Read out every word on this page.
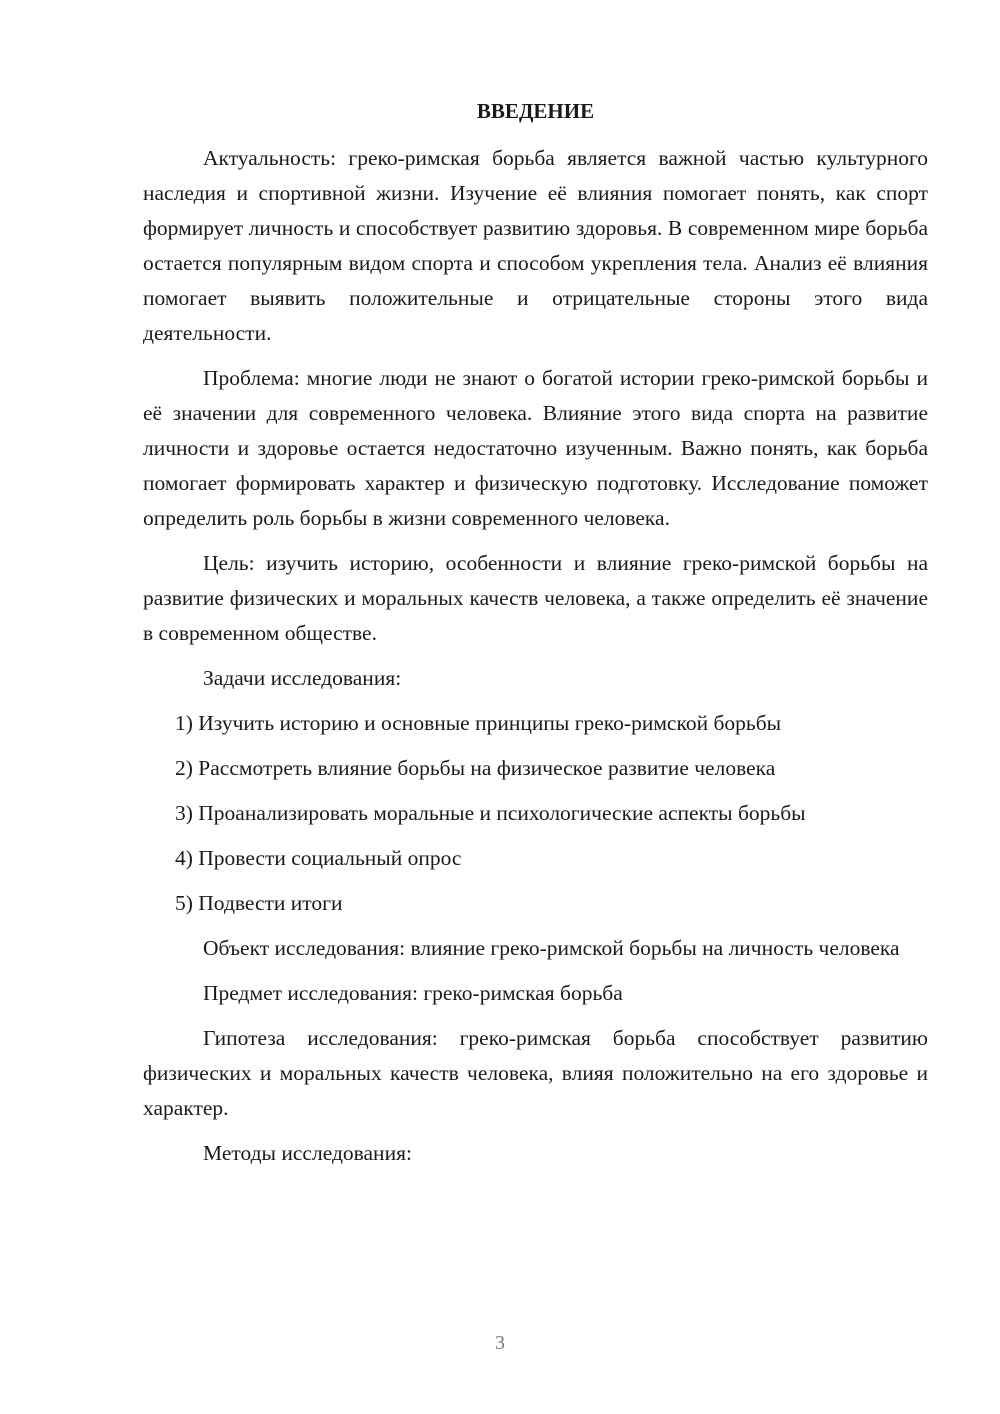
ВВЕДЕНИЕ

Актуальность: греко-римская борьба является важной частью культурного наследия и спортивной жизни. Изучение её влияния помогает понять, как спорт формирует личность и способствует развитию здоровья. В современном мире борьба остается популярным видом спорта и способом укрепления тела. Анализ её влияния помогает выявить положительные и отрицательные стороны этого вида деятельности.

Проблема: многие люди не знают о богатой истории греко-римской борьбы и её значении для современного человека. Влияние этого вида спорта на развитие личности и здоровье остается недостаточно изученным. Важно понять, как борьба помогает формировать характер и физическую подготовку. Исследование поможет определить роль борьбы в жизни современного человека.

Цель: изучить историю, особенности и влияние греко-римской борьбы на развитие физических и моральных качеств человека, а также определить её значение в современном обществе.

Задачи исследования:

1) Изучить историю и основные принципы греко-римской борьбы
2) Рассмотреть влияние борьбы на физическое развитие человека
3) Проанализировать моральные и психологические аспекты борьбы
4) Провести социальный опрос
5) Подвести итоги

Объект исследования: влияние греко-римской борьбы на личность человека

Предмет исследования: греко-римская борьба

Гипотеза исследования: греко-римская борьба способствует развитию физических и моральных качеств человека, влияя положительно на его здоровье и характер.

Методы исследования:

3
